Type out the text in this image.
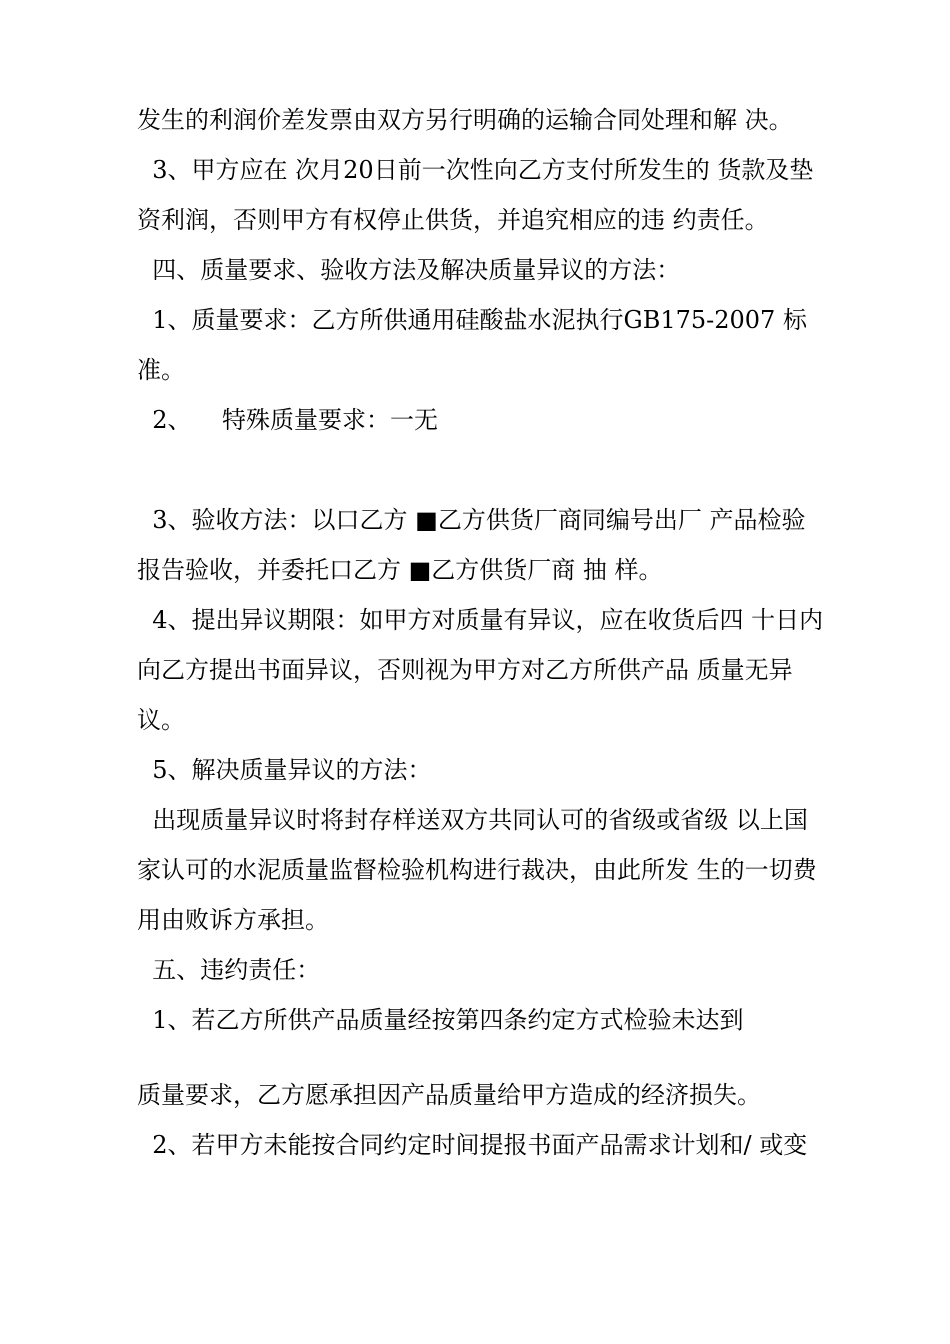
发生的利润价差发票由双方另行明确的运输合同处理和解 决。
3、甲方应在 次月20日前一次性向乙方支付所发生的 货款及垫
资利润，否则甲方有权停止供货，并追究相应的违 约责任。
四、质量要求、验收方法及解决质量异议的方法：
1、质量要求：乙方所供通用硅酸盐水泥执行GB175-2007 标
准。
2、    特殊质量要求：一无
3、验收方法：以口乙方 ■乙方供货厂商同编号出厂 产品检验
报告验收，并委托口乙方 ■乙方供货厂商 抽 样。
4、提出异议期限：如甲方对质量有异议，应在收货后四 十日内
向乙方提出书面异议，否则视为甲方对乙方所供产品 质量无异
议。
5、解决质量异议的方法：
出现质量异议时将封存样送双方共同认可的省级或省级 以上国
家认可的水泥质量监督检验机构进行裁决，由此所发 生的一切费
用由败诉方承担。
五、违约责任：
1、若乙方所供产品质量经按第四条约定方式检验未达到
质量要求，乙方愿承担因产品质量给甲方造成的经济损失。
2、若甲方未能按合同约定时间提报书面产品需求计划和/ 或变
